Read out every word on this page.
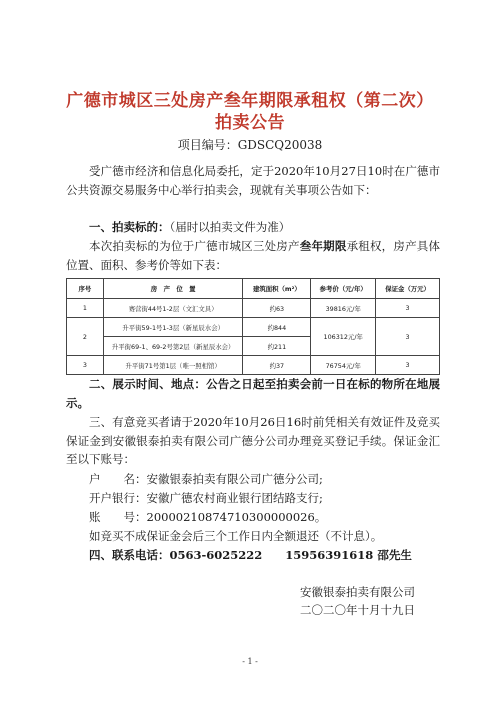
广德市城区三处房产叁年期限承租权（第二次）
拍卖公告
项目编号：GDSCQ20038
受广德市经济和信息化局委托，定于2020年10月27日10时在广德市公共资源交易服务中心举行拍卖会，现就有关事项公告如下：
一、拍卖标的：（届时以拍卖文件为准）
本次拍卖标的为位于广德市城区三处房产叁年期限承租权，房产具体位置、面积、参考价等如下表：
序号	房　产　位　置	建筑面积（m²）	参考价（元/年）	保证金（万元）
1	赛营街44号1-2层（文汇文具）	约63	39816元/年	3
2	升平街59-1号1-3层（新星辰水会）	约844	106312元/年	3
	升平街69-1、69-2号第2层（新星辰水会）	约211		
3	升平街71号第1层（唯一照相馆）	约37	76754元/年	3
二、展示时间、地点：公告之日起至拍卖会前一日在标的物所在地展示。
三、有意竞买者请于2020年10月26日16时前凭相关有效证件及竞买保证金到安徽银泰拍卖有限公司广德分公司办理竞买登记手续。保证金汇至以下账号：
户　　名：安徽银泰拍卖有限公司广德分公司;
开户银行：安徽广德农村商业银行团结路支行;
账　　号：20000210874710300000026。
如竞买不成保证金会后三个工作日内全额退还（不计息）。
四、联系电话：0563-6025222　　15956391618 邵先生
安徽银泰拍卖有限公司
二〇二〇年十月十九日
- 1 -
